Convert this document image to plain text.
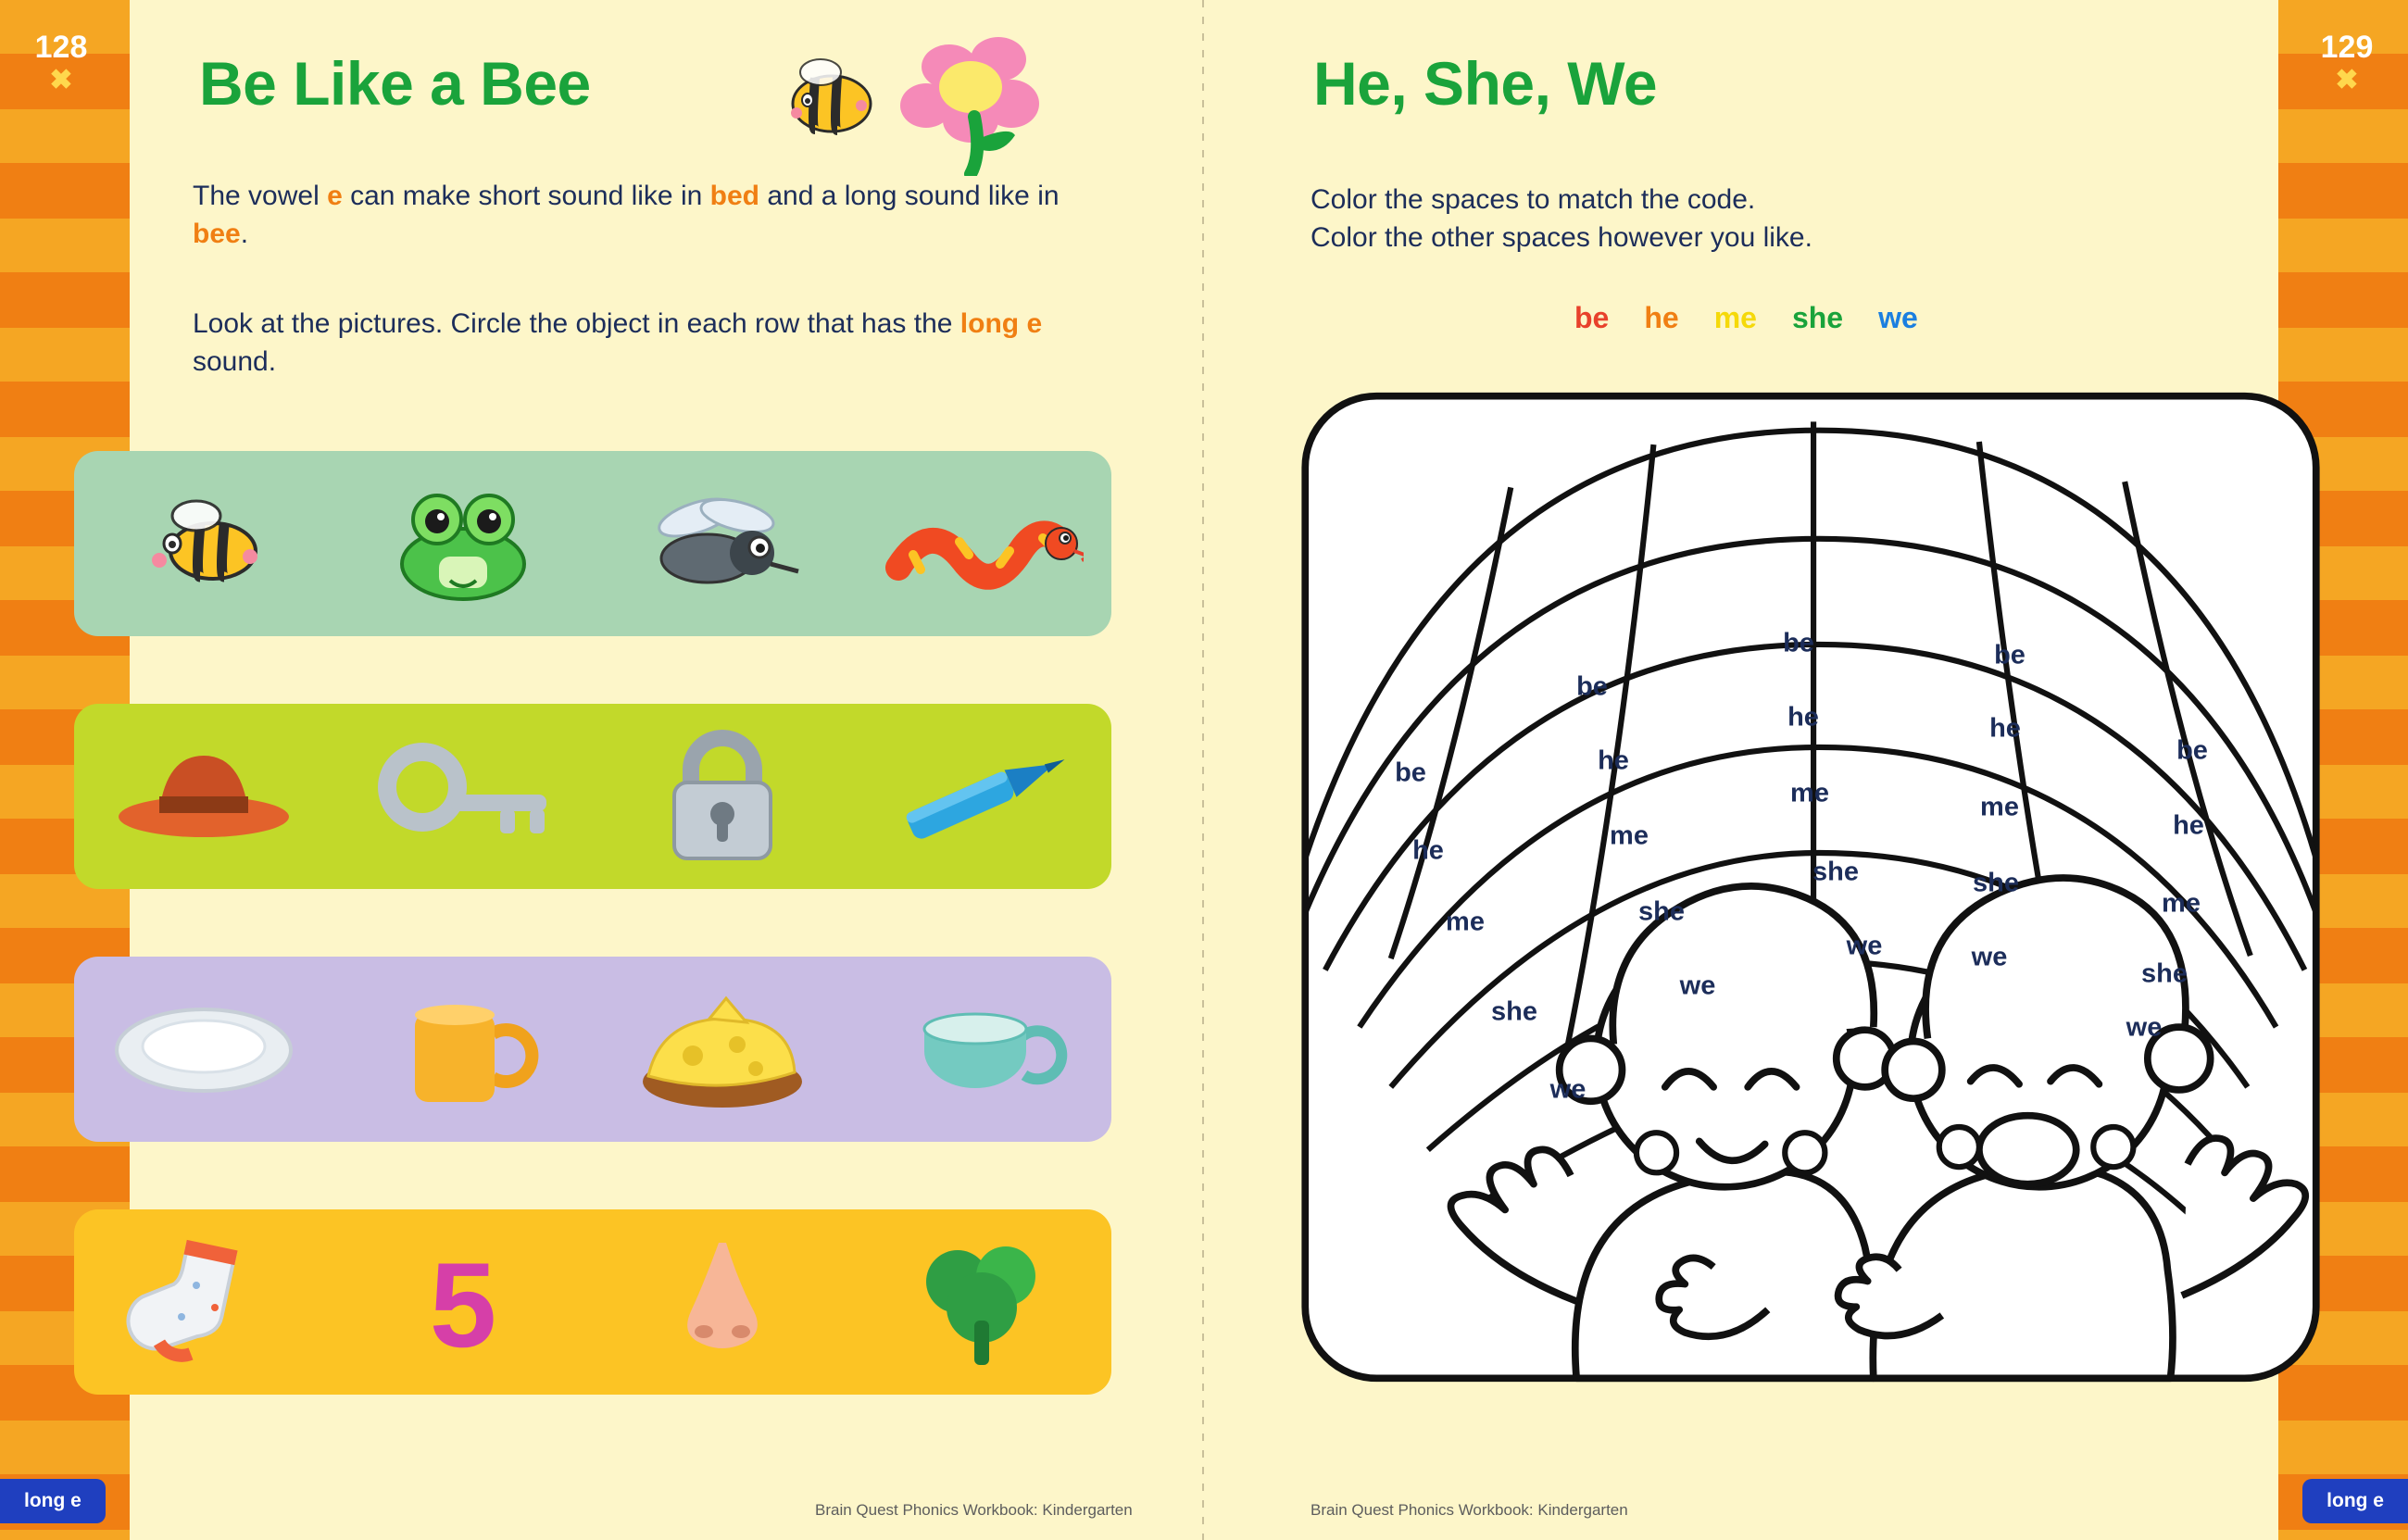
128
✖
129
✖
Be Like a Bee
The vowel e can make short sound like in bed and a long sound like in bee.
Look at the pictures. Circle the object in each row that has the long e sound.
5
Brain Quest Phonics Workbook: Kindergarten
long e
He, She, We
Color the spaces to match the code.
Color the other spaces however you like.
be he me she we
be
he
me
she
we
be
he
me
she
we
be
he
me
she
we
be
he
me
she
we
be
he
me
she
we
Brain Quest Phonics Workbook: Kindergarten	long e
